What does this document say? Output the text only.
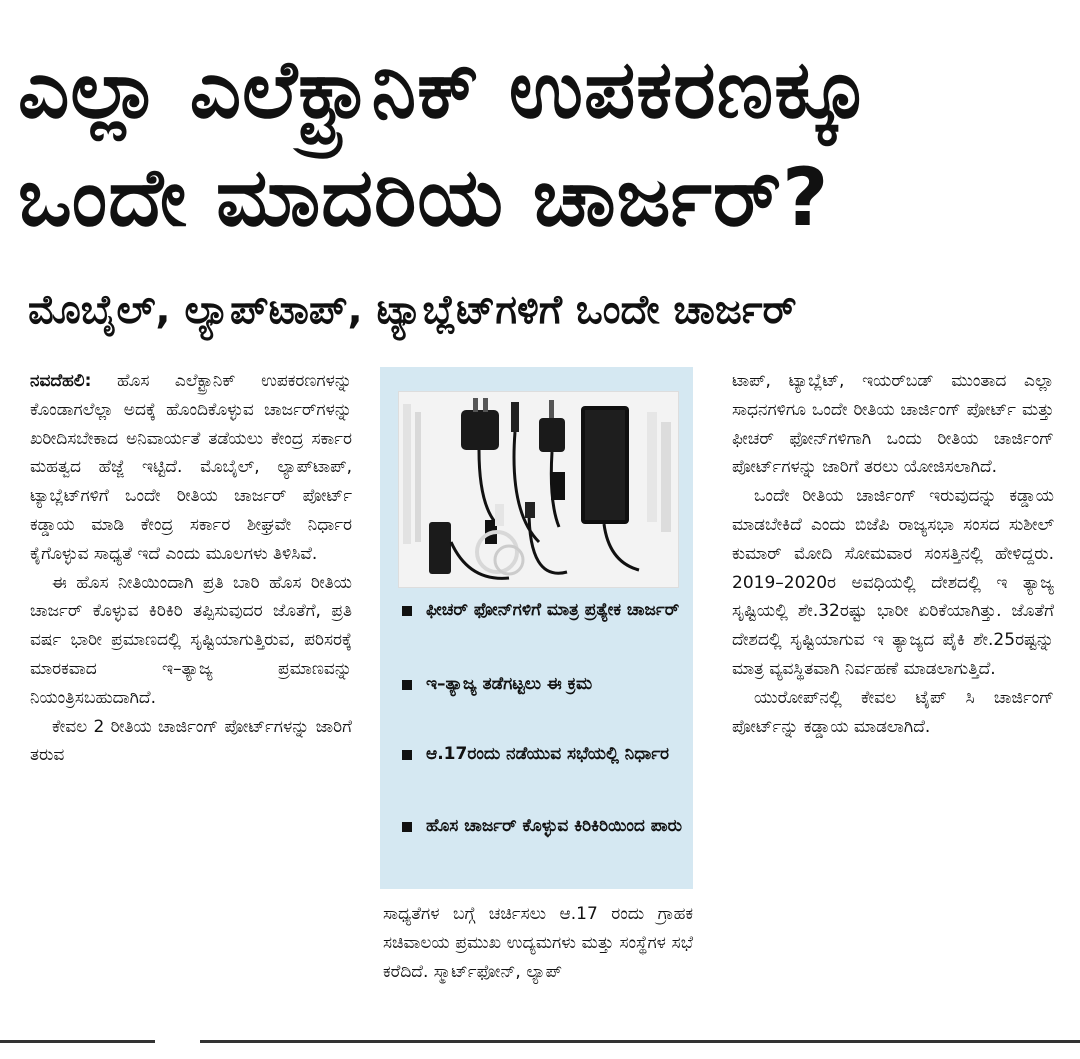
ಎಲ್ಲಾ ಎಲೆಕ್ಟ್ರಾನಿಕ್ ಉಪಕರಣಕ್ಕೂ
ಒಂದೇ ಮಾದರಿಯ ಚಾರ್ಜರ್?
ಮೊಬೈಲ್, ಲ್ಯಾಪ್‌ಟಾಪ್, ಟ್ಯಾಬ್ಲೆಟ್‌ಗಳಿಗೆ ಒಂದೇ ಚಾರ್ಜರ್

ನವದೆಹಲಿ: ಹೊಸ ಎಲೆಕ್ಟ್ರಾನಿಕ್ ಉಪಕರಣಗಳನ್ನು ಕೊಂಡಾಗಲೆಲ್ಲಾ ಅದಕ್ಕೆ ಹೊಂದಿಕೊಳ್ಳುವ ಚಾರ್ಜರ್‌ಗಳನ್ನು ಖರೀದಿಸಬೇಕಾದ ಅನಿವಾರ್ಯತೆ ತಡೆಯಲು ಕೇಂದ್ರ ಸರ್ಕಾರ ಮಹತ್ವದ ಹೆಜ್ಜೆ ಇಟ್ಟಿದೆ. ಮೊಬೈಲ್, ಲ್ಯಾಪ್‌ಟಾಪ್, ಟ್ಯಾಬ್ಲೆಟ್‌ಗಳಿಗೆ ಒಂದೇ ರೀತಿಯ ಚಾರ್ಜರ್ ಪೋರ್ಟ್ ಕಡ್ಡಾಯ ಮಾಡಿ ಕೇಂದ್ರ ಸರ್ಕಾರ ಶೀಘ್ರವೇ ನಿರ್ಧಾರ ಕೈಗೊಳ್ಳುವ ಸಾಧ್ಯತೆ ಇದೆ ಎಂದು ಮೂಲಗಳು ತಿಳಿಸಿವೆ.

ಈ ಹೊಸ ನೀತಿಯಿಂದಾಗಿ ಪ್ರತಿ ಬಾರಿ ಹೊಸ ರೀತಿಯ ಚಾರ್ಜರ್ ಕೊಳ್ಳುವ ಕಿರಿಕಿರಿ ತಪ್ಪಿಸುವುದರ ಜೊತೆಗೆ, ಪ್ರತಿ ವರ್ಷ ಭಾರೀ ಪ್ರಮಾಣದಲ್ಲಿ ಸೃಷ್ಟಿಯಾಗುತ್ತಿರುವ, ಪರಿಸರಕ್ಕೆ ಮಾರಕವಾದ ಇ–ತ್ಯಾಜ್ಯ ಪ್ರಮಾಣವನ್ನು ನಿಯಂತ್ರಿಸಬಹುದಾಗಿದೆ.

ಕೇವಲ 2 ರೀತಿಯ ಚಾರ್ಜಿಂಗ್ ಪೋರ್ಟ್‌ಗಳನ್ನು ಜಾರಿಗೆ ತರುವ

ಫೀಚರ್ ಫೋನ್‌ಗಳಿಗೆ ಮಾತ್ರ ಪ್ರತ್ಯೇಕ ಚಾರ್ಜರ್
ಇ–ತ್ಯಾಜ್ಯ ತಡೆಗಟ್ಟಲು ಈ ಕ್ರಮ
ಆ.17ರಂದು ನಡೆಯುವ ಸಭೆಯಲ್ಲಿ ನಿರ್ಧಾರ
ಹೊಸ ಚಾರ್ಜರ್ ಕೊಳ್ಳುವ ಕಿರಿಕಿರಿಯಿಂದ ಪಾರು

ಸಾಧ್ಯತೆಗಳ ಬಗ್ಗೆ ಚರ್ಚಿಸಲು ಆ.17 ರಂದು ಗ್ರಾಹಕ ಸಚಿವಾಲಯ ಪ್ರಮುಖ ಉದ್ಯಮಗಳು ಮತ್ತು ಸಂಸ್ಥೆಗಳ ಸಭೆ ಕರೆದಿದೆ. ಸ್ಮಾರ್ಟ್‌ಫೋನ್, ಲ್ಯಾಪ್

ಟಾಪ್, ಟ್ಯಾಬ್ಲೆಟ್, ಇಯರ್‌ಬಡ್ ಮುಂತಾದ ಎಲ್ಲಾ ಸಾಧನಗಳಿಗೂ ಒಂದೇ ರೀತಿಯ ಚಾರ್ಜಿಂಗ್ ಪೋರ್ಟ್ ಮತ್ತು ಫೀಚರ್ ಫೋನ್‌ಗಳಿಗಾಗಿ ಒಂದು ರೀತಿಯ ಚಾರ್ಜಿಂಗ್ ಪೋರ್ಟ್‌ಗಳನ್ನು ಜಾರಿಗೆ ತರಲು ಯೋಜಿಸಲಾಗಿದೆ.

ಒಂದೇ ರೀತಿಯ ಚಾರ್ಜಿಂಗ್ ಇರುವುದನ್ನು ಕಡ್ಡಾಯ ಮಾಡಬೇಕಿದೆ ಎಂದು ಬಿಜೆಪಿ ರಾಜ್ಯಸಭಾ ಸಂಸದ ಸುಶೀಲ್ ಕುಮಾರ್ ಮೋದಿ ಸೋಮವಾರ ಸಂಸತ್ತಿನಲ್ಲಿ ಹೇಳಿದ್ದರು. 2019–2020ರ ಅವಧಿಯಲ್ಲಿ ದೇಶದಲ್ಲಿ ಇ ತ್ಯಾಜ್ಯ ಸೃಷ್ಟಿಯಲ್ಲಿ ಶೇ.32ರಷ್ಟು ಭಾರೀ ಏರಿಕೆಯಾಗಿತ್ತು. ಜೊತೆಗೆ ದೇಶದಲ್ಲಿ ಸೃಷ್ಟಿಯಾಗುವ ಇ ತ್ಯಾಜ್ಯದ ಪೈಕಿ ಶೇ.25ರಷ್ಟನ್ನು ಮಾತ್ರ ವ್ಯವಸ್ಥಿತವಾಗಿ ನಿರ್ವಹಣೆ ಮಾಡಲಾಗುತ್ತಿದೆ.

ಯುರೋಪ್‌ನಲ್ಲಿ ಕೇವಲ ಟೈಪ್ ಸಿ ಚಾರ್ಜಿಂಗ್ ಪೋರ್ಟ್‌ನ್ನು ಕಡ್ಡಾಯ ಮಾಡಲಾಗಿದೆ.
